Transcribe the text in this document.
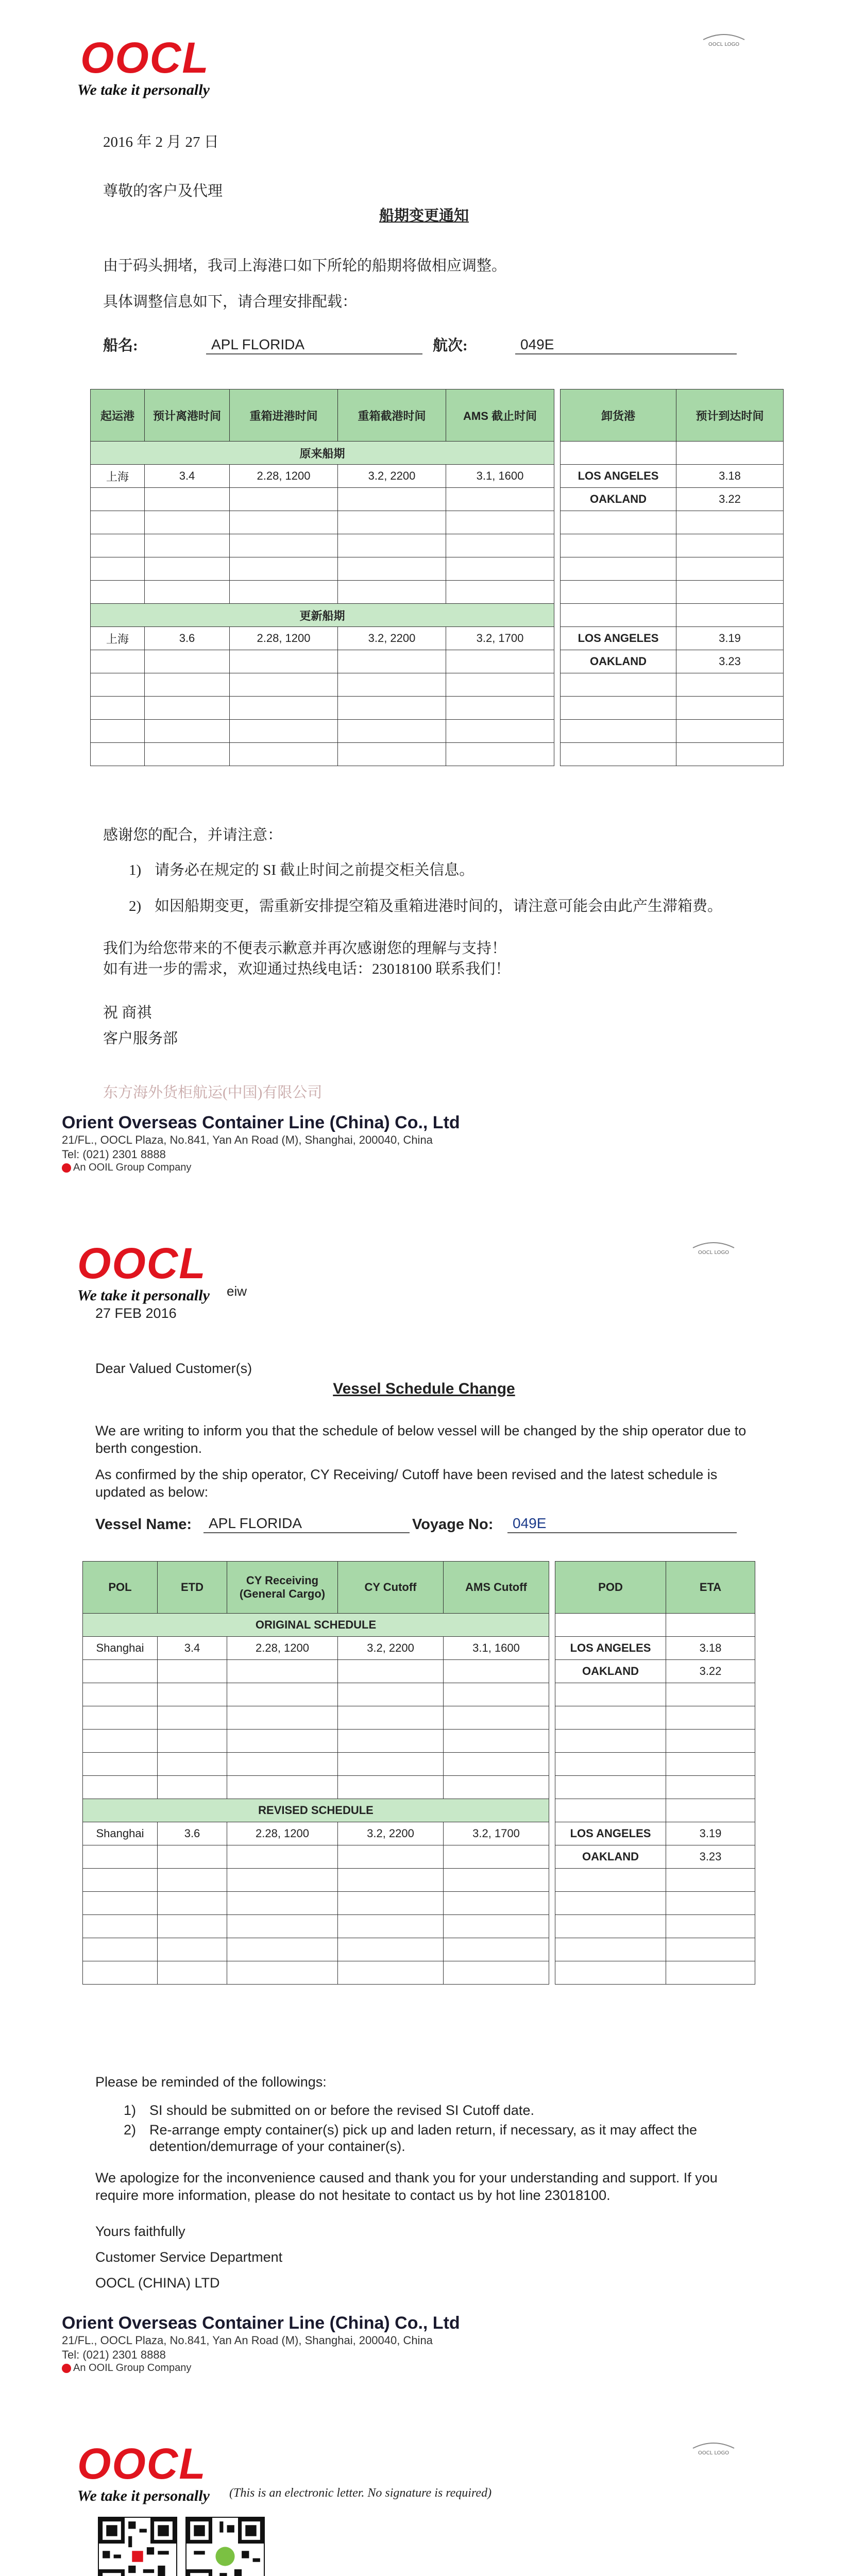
OOCL
We take it personally
OOCL LOGO
2016 年 2 月 27 日
尊敬的客户及代理
船期变更通知
由于码头拥堵，我司上海港口如下所轮的船期将做相应调整。
具体调整信息如下，请合理安排配载：
船名:	APL FLORIDA	航次:	049E
起运港	预计离港时间	重箱进港时间	重箱截港时间	AMS 截止时间		卸货港	预计到达时间
原来船期							
上海	3.4	2.28, 1200	3.2, 2200	3.1, 1600		LOS ANGELES	3.18
						OAKLAND	3.22

更新船期							
上海	3.6	2.28, 1200	3.2, 2200	3.2, 1700		LOS ANGELES	3.19
						OAKLAND	3.23

感谢您的配合，并请注意：
1) 请务必在规定的 SI 截止时间之前提交柜关信息。
2) 如因船期变更，需重新安排提空箱及重箱进港时间的，请注意可能会由此产生滞箱费。
我们为给您带来的不便表示歉意并再次感谢您的理解与支持！
如有进一步的需求，欢迎通过热线电话：23018100 联系我们！
祝 商祺
客户服务部
东方海外货柜航运(中国)有限公司
Orient Overseas Container Line (China) Co., Ltd
21/FL., OOCL Plaza, No.841, Yan An Road (M), Shanghai, 200040, China
Tel: (021) 2301 8888
An OOIL Group Company
OOCL
We take it personally eiw
OOCL LOGO
27 FEB 2016
Dear Valued Customer(s)
Vessel Schedule Change
We are writing to inform you that the schedule of below vessel will be changed by the ship operator due to berth congestion.
As confirmed by the ship operator, CY Receiving/ Cutoff have been revised and the latest schedule is updated as below:
Vessel Name:	APL FLORIDA	Voyage No:	049E
POL	ETD	CY Receiving (General Cargo)	CY Cutoff	AMS Cutoff		POD	ETA
ORIGINAL SCHEDULE							
Shanghai	3.4	2.28, 1200	3.2, 2200	3.1, 1600		LOS ANGELES	3.18
						OAKLAND	3.22

REVISED SCHEDULE							
Shanghai	3.6	2.28, 1200	3.2, 2200	3.2, 1700		LOS ANGELES	3.19
						OAKLAND	3.23

Please be reminded of the followings:
1) SI should be submitted on or before the revised SI Cutoff date.
2) Re-arrange empty container(s) pick up and laden return, if necessary, as it may affect the detention/demurrage of your container(s).
We apologize for the inconvenience caused and thank you for your understanding and support. If you require more information, please do not hesitate to contact us by hot line 23018100.
Yours faithfully
Customer Service Department
OOCL (CHINA) LTD
Orient Overseas Container Line (China) Co., Ltd
21/FL., OOCL Plaza, No.841, Yan An Road (M), Shanghai, 200040, China
Tel: (021) 2301 8888
An OOIL Group Company
OOCL
We take it personally (This is an electronic letter. No signature is required)
OOCL LOGO
